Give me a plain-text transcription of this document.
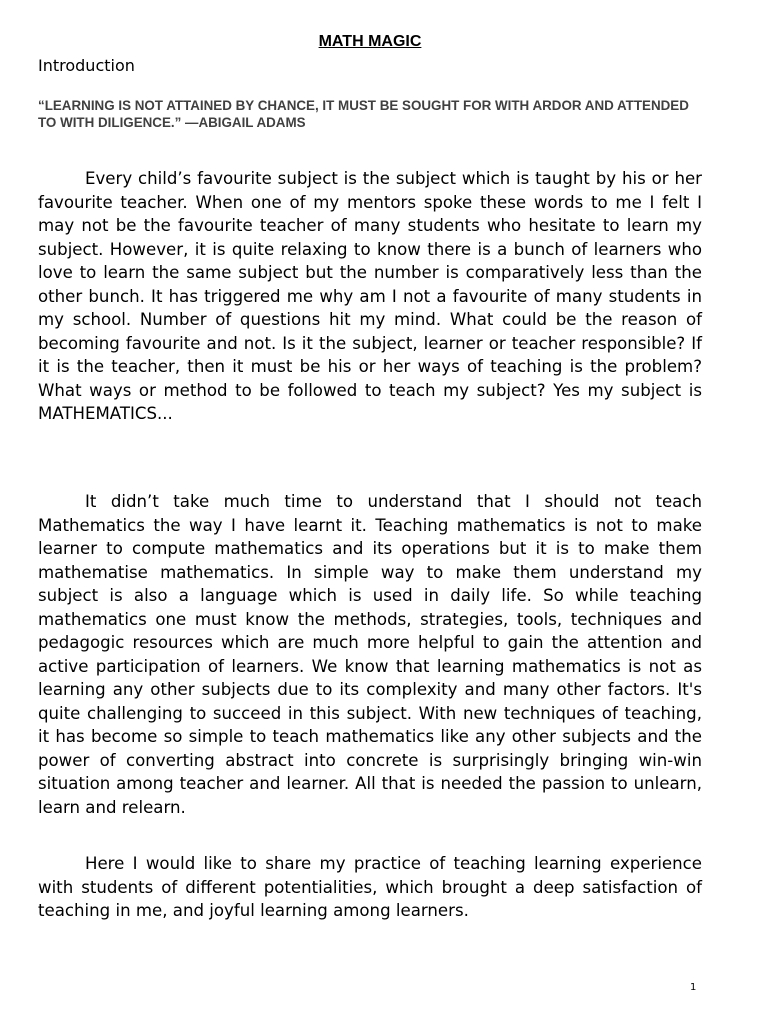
MATH MAGIC
Introduction

“LEARNING IS NOT ATTAINED BY CHANCE, IT MUST BE SOUGHT FOR WITH ARDOR AND ATTENDED TO WITH DILIGENCE.” —ABIGAIL ADAMS

Every child’s favourite subject is the subject which is taught by his or her favourite teacher. When one of my mentors spoke these words to me I felt I may not be the favourite teacher of many students who hesitate to learn my subject. However, it is quite relaxing to know there is a bunch of learners who love to learn the same subject but the number is comparatively less than the other bunch. It has triggered me why am I not a favourite of many students in my school. Number of questions hit my mind. What could be the reason of becoming favourite and not. Is it the subject, learner or teacher responsible? If it is the teacher, then it must be his or her ways of teaching is the problem? What ways or method to be followed to teach my subject? Yes my subject is MATHEMATICS...

It didn’t take much time to understand that I should not teach Mathematics the way I have learnt it. Teaching mathematics is not to make learner to compute mathematics and its operations but it is to make them mathematise mathematics. In simple way to make them understand my subject is also a language which is used in daily life. So while teaching mathematics one must know the methods, strategies, tools, techniques and pedagogic resources which are much more helpful to gain the attention and active participation of learners. We know that learning mathematics is not as learning any other subjects due to its complexity and many other factors. It's quite challenging to succeed in this subject. With new techniques of teaching, it has become so simple to teach mathematics like any other subjects and the power of converting abstract into concrete is surprisingly bringing win-win situation among teacher and learner. All that is needed the passion to unlearn, learn and relearn.

Here I would like to share my practice of teaching learning experience with students of different potentialities, which brought a deep satisfaction of teaching in me, and joyful learning among learners.

1
